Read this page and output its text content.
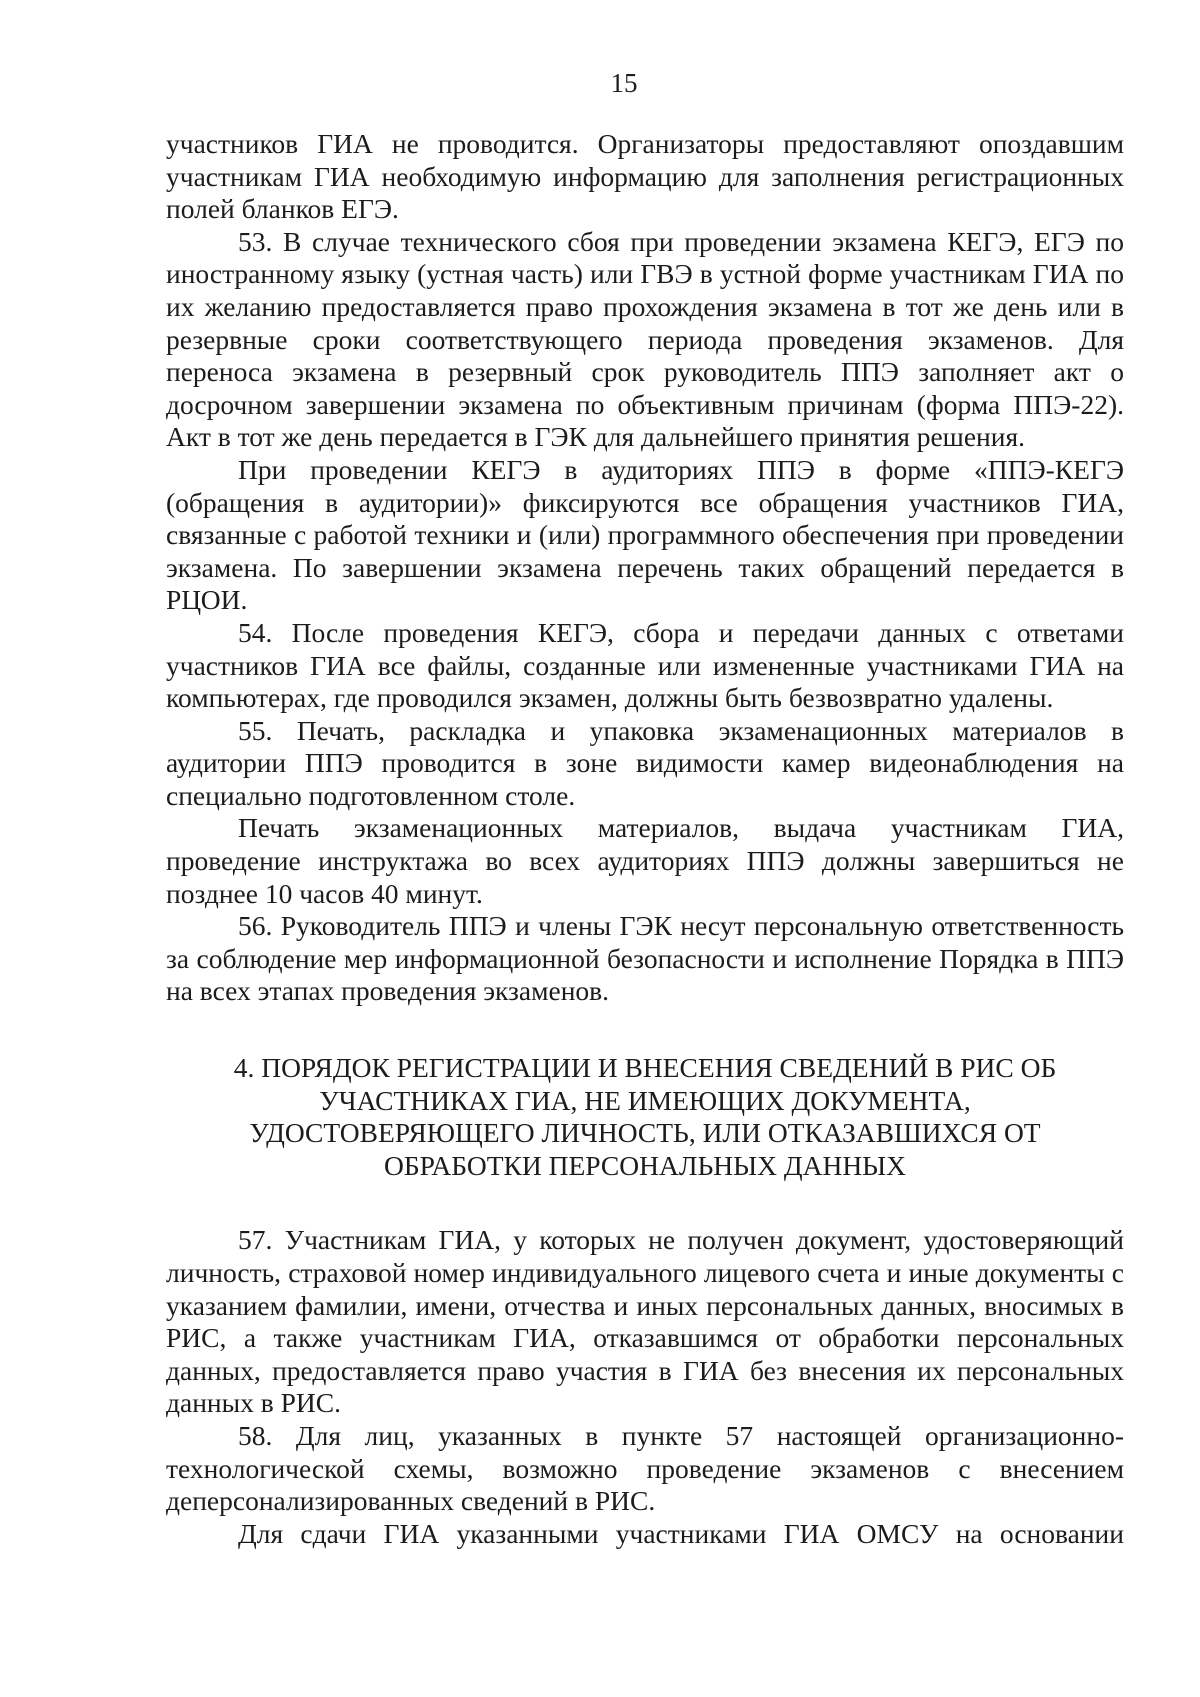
15

участников ГИА не проводится. Организаторы предоставляют опоздавшим участникам ГИА необходимую информацию для заполнения регистрационных полей бланков ЕГЭ.

53. В случае технического сбоя при проведении экзамена КЕГЭ, ЕГЭ по иностранному языку (устная часть) или ГВЭ в устной форме участникам ГИА по их желанию предоставляется право прохождения экзамена в тот же день или в резервные сроки соответствующего периода проведения экзаменов. Для переноса экзамена в резервный срок руководитель ППЭ заполняет акт о досрочном завершении экзамена по объективным причинам (форма ППЭ-22). Акт в тот же день передается в ГЭК для дальнейшего принятия решения.

При проведении КЕГЭ в аудиториях ППЭ в форме «ППЭ-КЕГЭ (обращения в аудитории)» фиксируются все обращения участников ГИА, связанные с работой техники и (или) программного обеспечения при проведении экзамена. По завершении экзамена перечень таких обращений передается в РЦОИ.

54. После проведения КЕГЭ, сбора и передачи данных с ответами участников ГИА все файлы, созданные или измененные участниками ГИА на компьютерах, где проводился экзамен, должны быть безвозвратно удалены.

55. Печать, раскладка и упаковка экзаменационных материалов в аудитории ППЭ проводится в зоне видимости камер видеонаблюдения на специально подготовленном столе.

Печать экзаменационных материалов, выдача участникам ГИА, проведение инструктажа во всех аудиториях ППЭ должны завершиться не позднее 10 часов 40 минут.

56. Руководитель ППЭ и члены ГЭК несут персональную ответственность за соблюдение мер информационной безопасности и исполнение Порядка в ППЭ на всех этапах проведения экзаменов.

4. ПОРЯДОК РЕГИСТРАЦИИ И ВНЕСЕНИЯ СВЕДЕНИЙ В РИС ОБ
УЧАСТНИКАХ ГИА, НЕ ИМЕЮЩИХ ДОКУМЕНТА,
УДОСТОВЕРЯЮЩЕГО ЛИЧНОСТЬ, ИЛИ ОТКАЗАВШИХСЯ ОТ
ОБРАБОТКИ ПЕРСОНАЛЬНЫХ ДАННЫХ

57. Участникам ГИА, у которых не получен документ, удостоверяющий личность, страховой номер индивидуального лицевого счета и иные документы с указанием фамилии, имени, отчества и иных персональных данных, вносимых в РИС, а также участникам ГИА, отказавшимся от обработки персональных данных, предоставляется право участия в ГИА без внесения их персональных данных в РИС.

58. Для лиц, указанных в пункте 57 настоящей организационно-технологической схемы, возможно проведение экзаменов с внесением деперсонализированных сведений в РИС.

Для сдачи ГИА указанными участниками ГИА ОМСУ на основании
